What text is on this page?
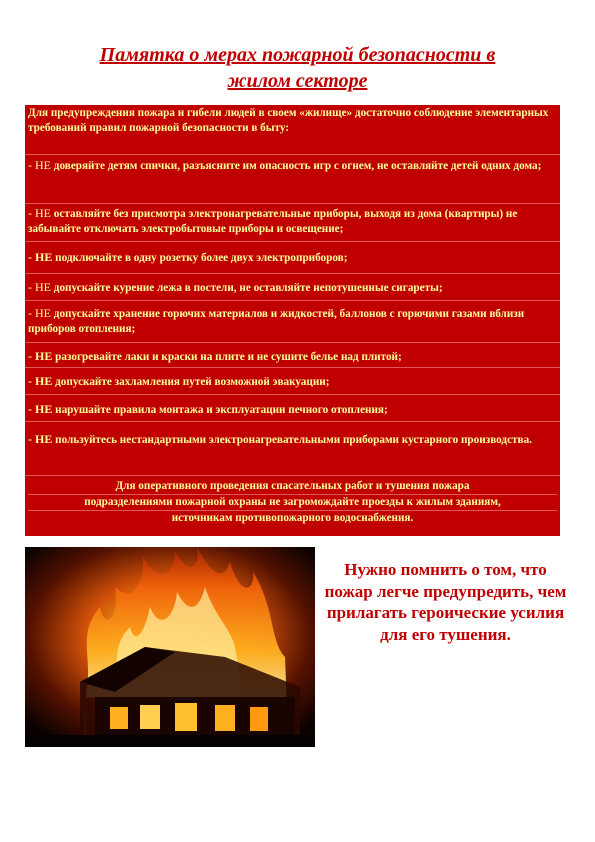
Памятка о мерах пожарной безопасности в
жилом секторе
Для предупреждения пожара и гибели людей в своем «жилище» достаточно соблюдение элементарных требований правил пожарной безопасности в быту:
- НЕ доверяйте детям спички, разъясните им опасность игр с огнем, не оставляйте детей одних дома;
- НЕ оставляйте без присмотра электронагревательные приборы, выходя из дома (квартиры) не забывайте отключать электробытовые приборы и освещение;
- НЕ подключайте в одну розетку более двух электроприборов;
- НЕ допускайте курение лежа в постели, не оставляйте непотушенные сигареты;
- НЕ допускайте хранение горючих материалов и жидкостей, баллонов с горючими газами вблизи приборов отопления;
- НЕ разогревайте лаки и краски на плите и не сушите белье над плитой;
- НЕ допускайте захламления путей возможной эвакуации;
- НЕ нарушайте правила монтажа и эксплуатации печного отопления;
- НЕ пользуйтесь нестандартными электронагревательными приборами кустарного производства.
Для оперативного проведения спасательных работ и тушения пожара
подразделениями пожарной охраны не загромождайте проезды к жилым зданиям,
источникам противопожарного водоснабжения.
Нужно помнить о том, что пожар легче предупредить, чем прилагать героические усилия для его тушения.
